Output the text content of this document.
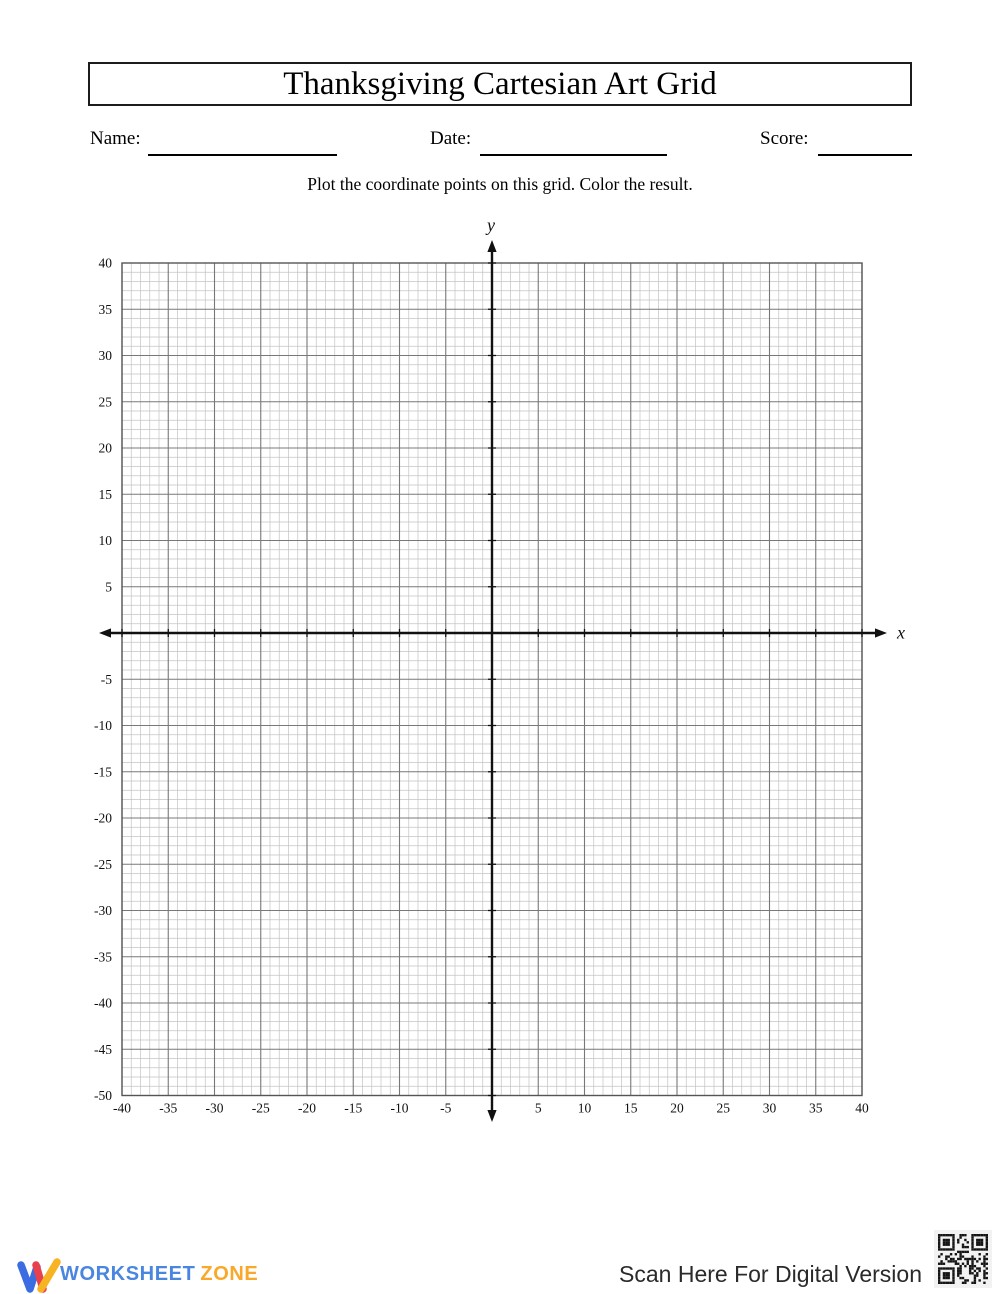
Thanksgiving Cartesian Art Grid
Name:	Date:	Score:
Plot the coordinate points on this grid. Color the result.
-40 -35 -30 -25 -20 -15 -10 -5	5	10 15 20 25 30 35 40
40
35
30
25
20
15
10
5
-5
-10
-15
-20
-25
-30
-35
-40
-45
-50
x
y
WORKSHEET ZONE	Scan Here For Digital Version
